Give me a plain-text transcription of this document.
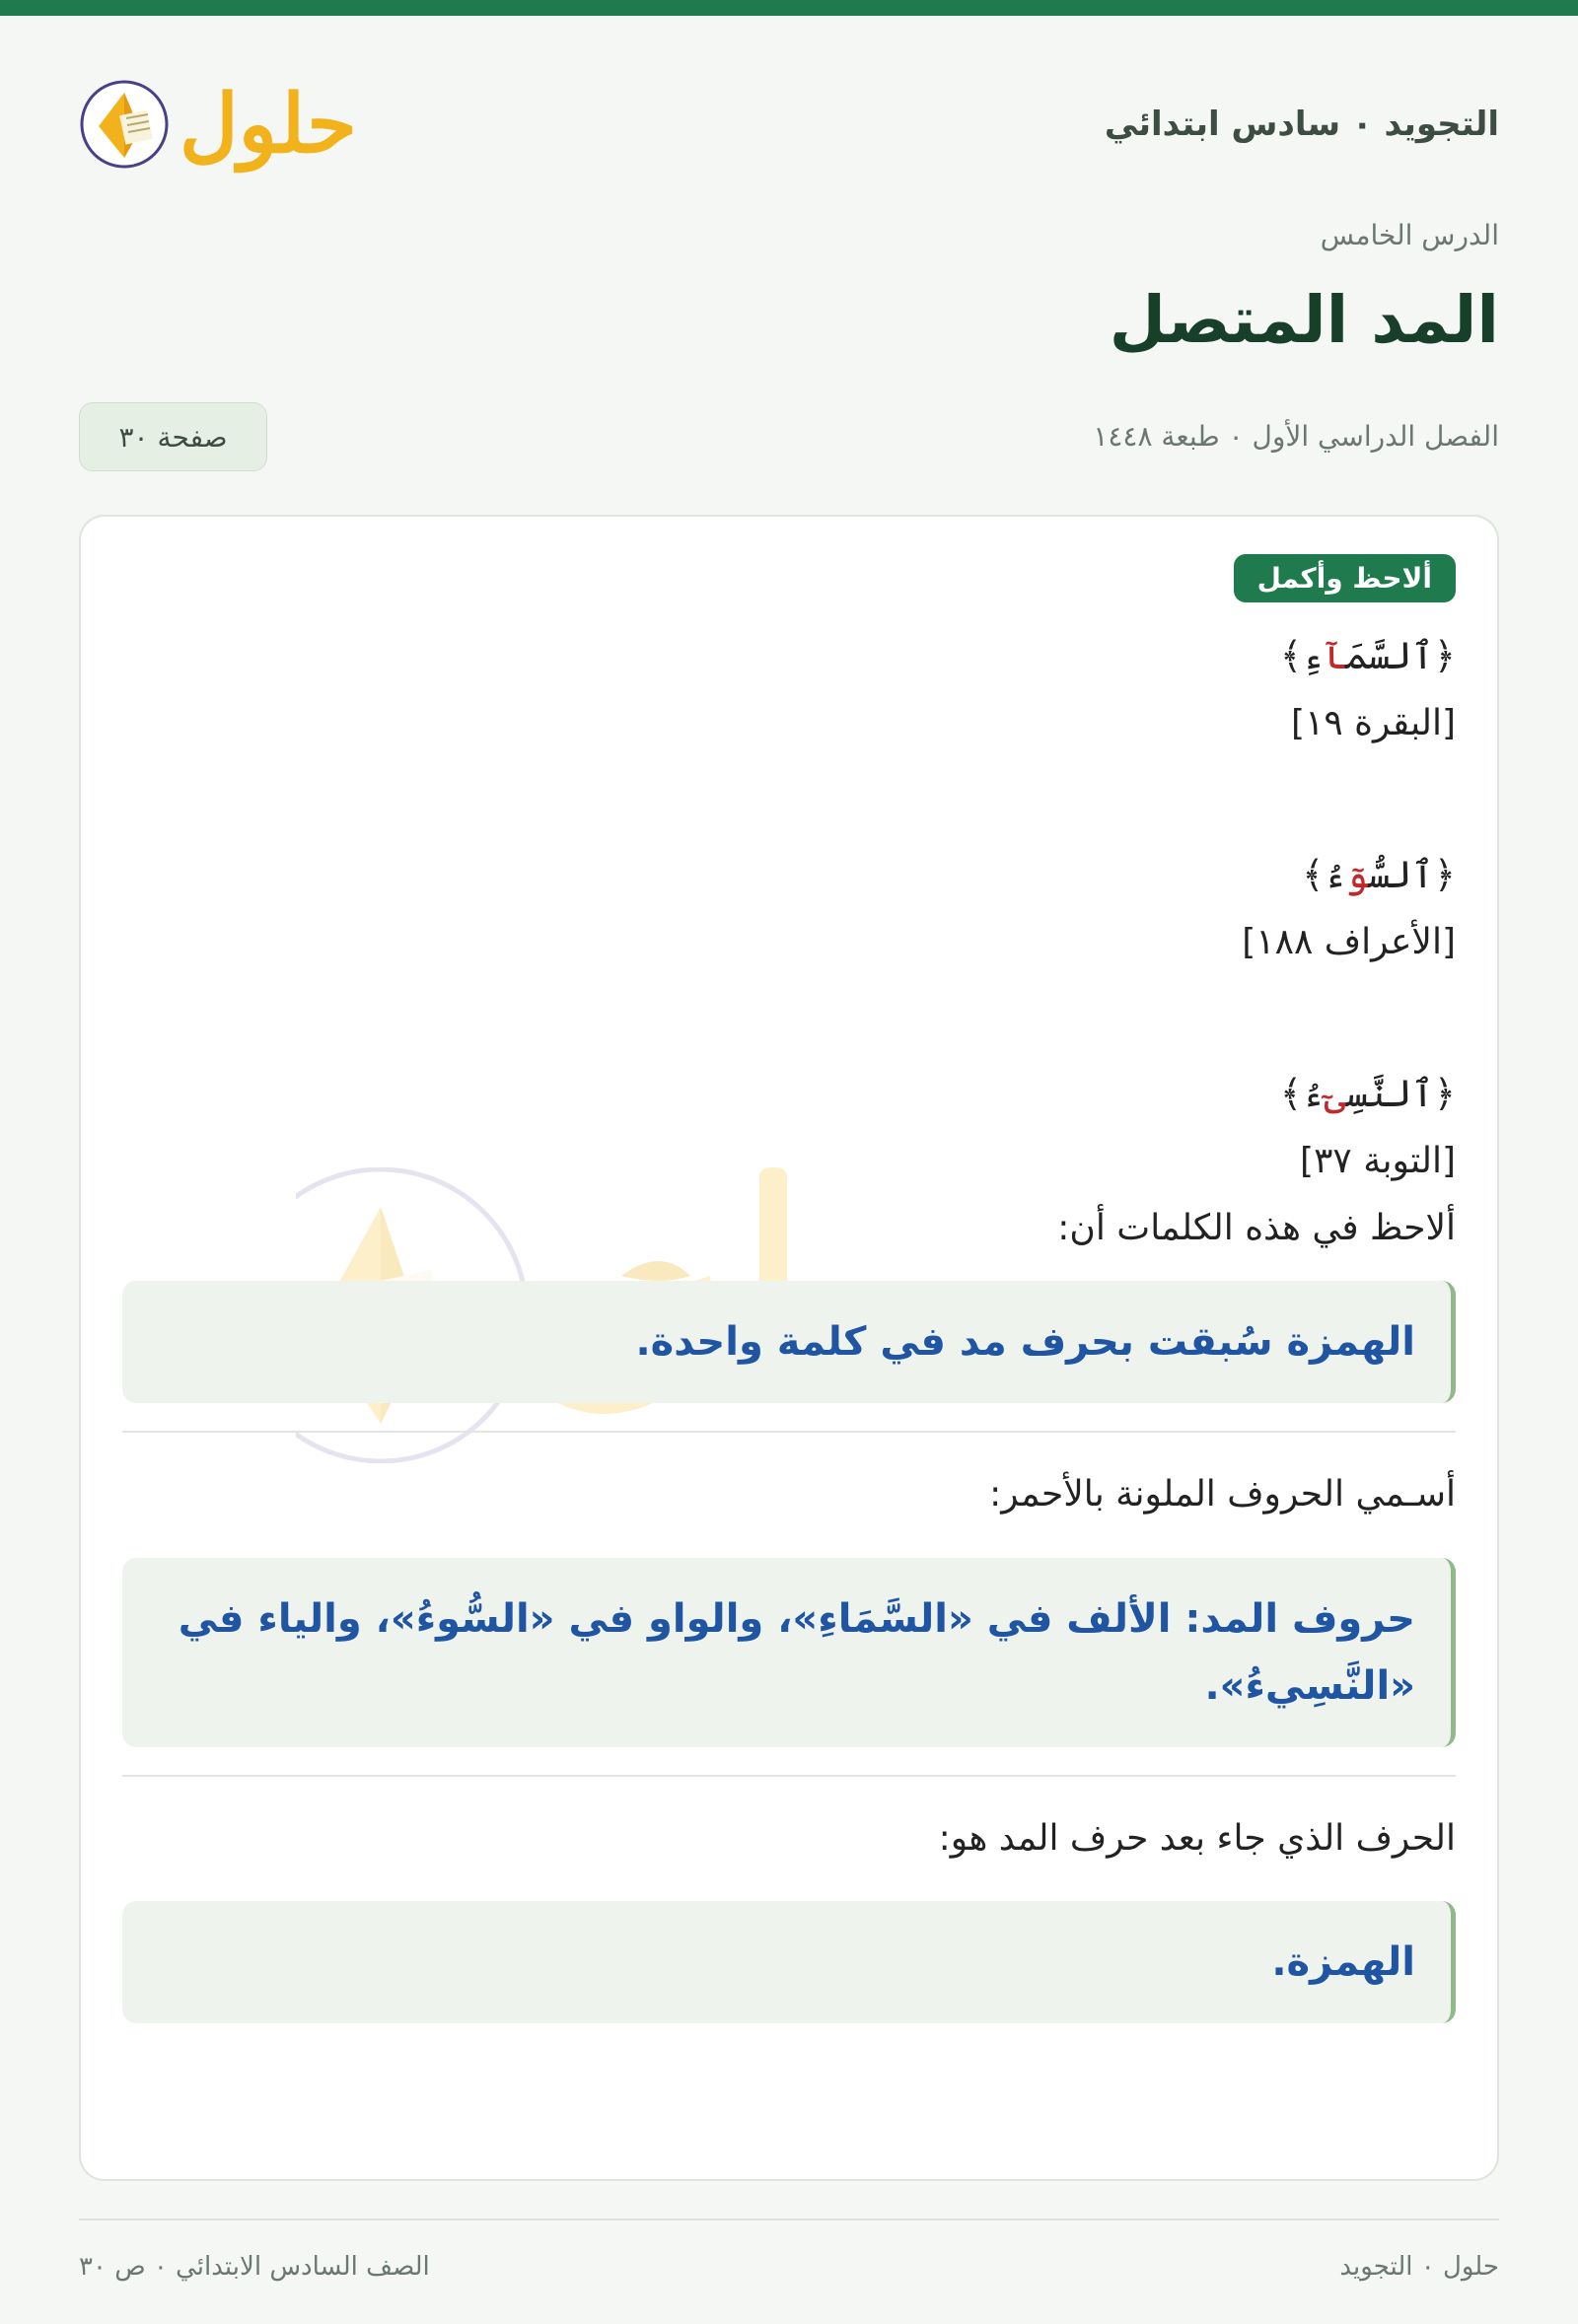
التجويد ٠ سادس ابتدائي
حلول
الدرس الخامس
المد المتصل
الفصل الدراسي الأول ٠ طبعة ١٤٤٨
صفحة ٣٠
ألاحظ وأكمل
﴿ٱلسَّمَآءِ﴾
[البقرة ١٩]
﴿ٱلسُّوٓءُ﴾
[الأعراف ١٨٨]
﴿ٱلنَّسِىٓءُ﴾
[التوبة ٣٧]
ألاحظ في هذه الكلمات أن:
الهمزة سُبقت بحرف مد في كلمة واحدة.
أسـمي الحروف الملونة بالأحمر:
حروف المد: الألف في «السَّمَاءِ»، والواو في «السُّوءُ»، والياء في «النَّسِيءُ».
الحرف الذي جاء بعد حرف المد هو:
الهمزة.
حلول ٠ التجويد
الصف السادس الابتدائي ٠ ص ٣٠
